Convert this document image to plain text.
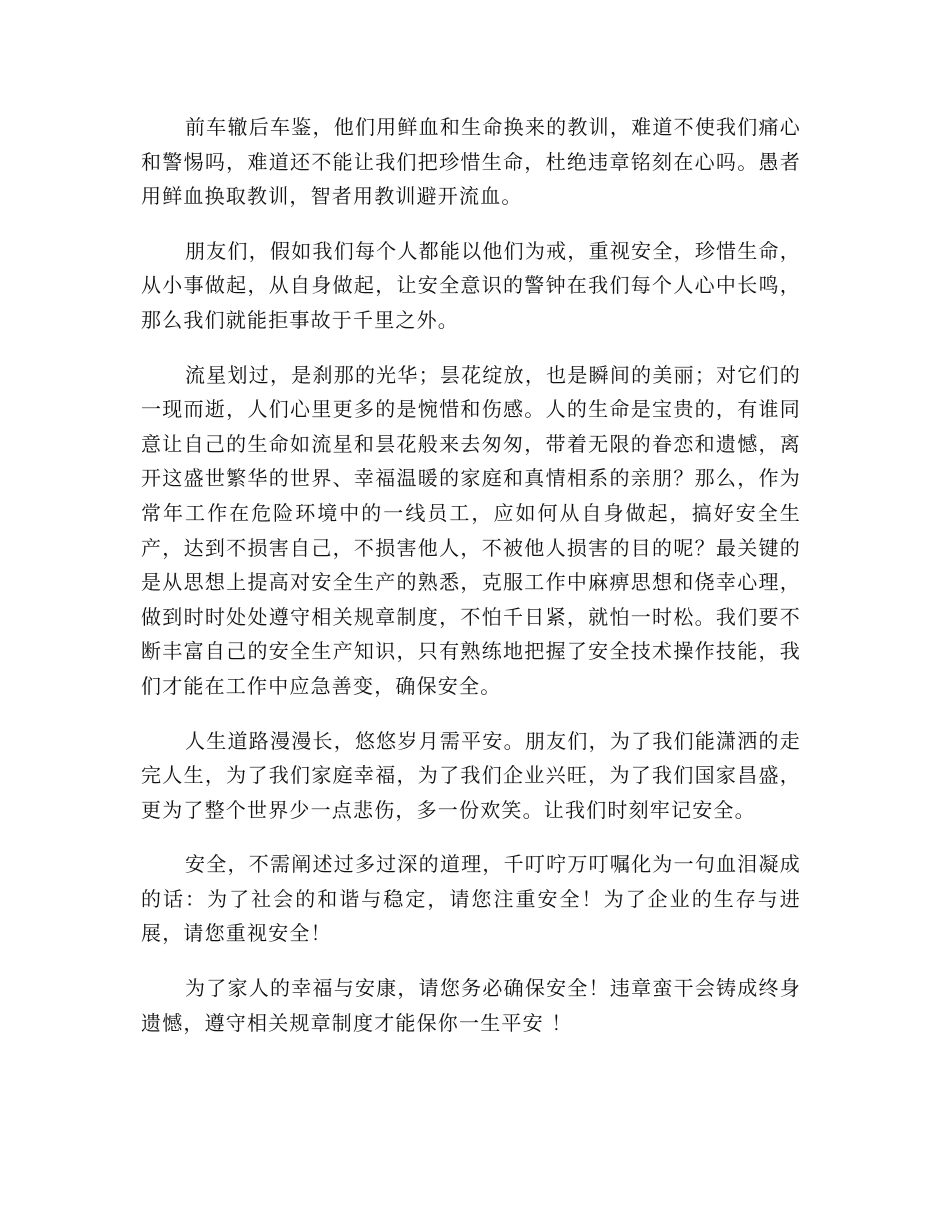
前车辙后车鉴，他们用鲜血和生命换来的教训，难道不使我们痛心和警惕吗，难道还不能让我们把珍惜生命，杜绝违章铭刻在心吗。愚者用鲜血换取教训，智者用教训避开流血。

朋友们，假如我们每个人都能以他们为戒，重视安全，珍惜生命，从小事做起，从自身做起，让安全意识的警钟在我们每个人心中长鸣，那么我们就能拒事故于千里之外。

流星划过，是刹那的光华；昙花绽放，也是瞬间的美丽；对它们的一现而逝，人们心里更多的是惋惜和伤感。人的生命是宝贵的，有谁同意让自己的生命如流星和昙花般来去匆匆，带着无限的眷恋和遗憾，离开这盛世繁华的世界、幸福温暖的家庭和真情相系的亲朋？那么，作为常年工作在危险环境中的一线员工，应如何从自身做起，搞好安全生产，达到不损害自己，不损害他人，不被他人损害的目的呢？最关键的是从思想上提高对安全生产的熟悉，克服工作中麻痹思想和侥幸心理，做到时时处处遵守相关规章制度，不怕千日紧，就怕一时松。我们要不断丰富自己的安全生产知识，只有熟练地把握了安全技术操作技能，我们才能在工作中应急善变，确保安全。

人生道路漫漫长，悠悠岁月需平安。朋友们，为了我们能潇洒的走完人生，为了我们家庭幸福，为了我们企业兴旺，为了我们国家昌盛，更为了整个世界少一点悲伤，多一份欢笑。让我们时刻牢记安全。

安全，不需阐述过多过深的道理，千叮咛万叮嘱化为一句血泪凝成的话：为了社会的和谐与稳定，请您注重安全！为了企业的生存与进展，请您重视安全！

为了家人的幸福与安康，请您务必确保安全！违章蛮干会铸成终身遗憾，遵守相关规章制度才能保你一生平安 ！
